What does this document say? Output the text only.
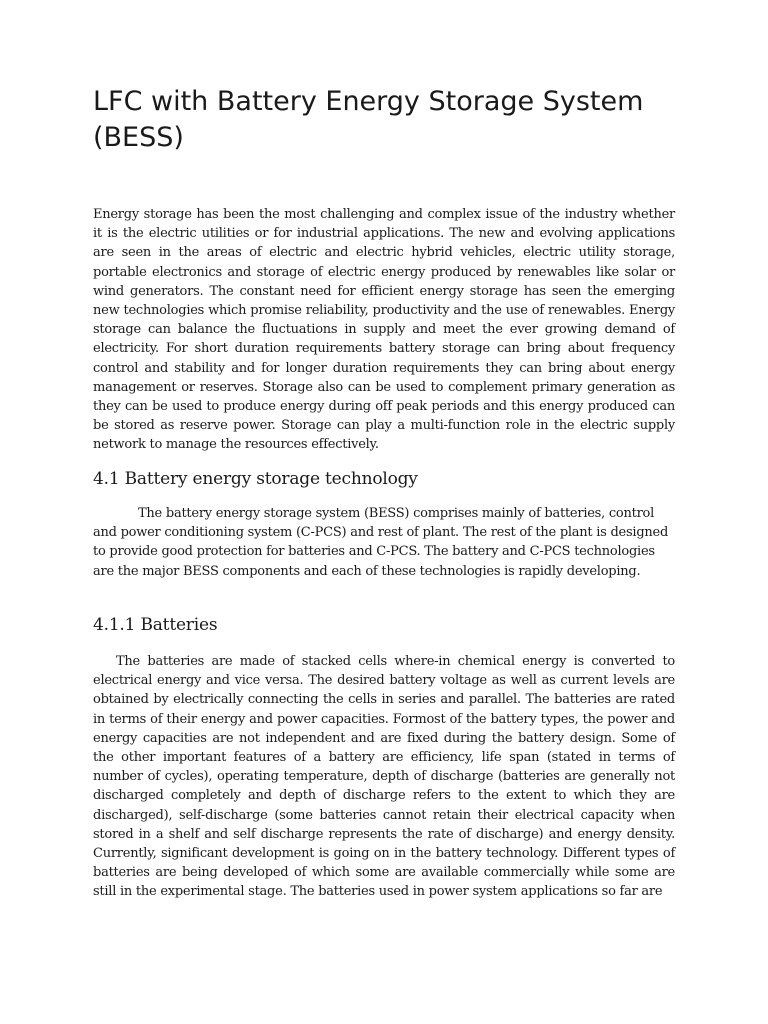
LFC with Battery Energy Storage System (BESS)

Energy storage has been the most challenging and complex issue of the industry whether it is the electric utilities or for industrial applications. The new and evolving applications are seen in the areas of electric and electric hybrid vehicles, electric utility storage, portable electronics and storage of electric energy produced by renewables like solar or wind generators. The constant need for efficient energy storage has seen the emerging new technologies which promise reliability, productivity and the use of renewables. Energy storage can balance the fluctuations in supply and meet the ever growing demand of electricity. For short duration requirements battery storage can bring about frequency control and stability and for longer duration requirements they can bring about energy management or reserves. Storage also can be used to complement primary generation as they can be used to produce energy during off peak periods and this energy produced can be stored as reserve power. Storage can play a multi-function role in the electric supply network to manage the resources effectively.

4.1 Battery energy storage technology

The battery energy storage system (BESS) comprises mainly of batteries, control and power conditioning system (C-PCS) and rest of plant. The rest of the plant is designed to provide good protection for batteries and C-PCS. The battery and C-PCS technologies are the major BESS components and each of these technologies is rapidly developing.

4.1.1 Batteries

The batteries are made of stacked cells where-in chemical energy is converted to electrical energy and vice versa. The desired battery voltage as well as current levels are obtained by electrically connecting the cells in series and parallel. The batteries are rated in terms of their energy and power capacities. Formost of the battery types, the power and energy capacities are not independent and are fixed during the battery design. Some of the other important features of a battery are efficiency, life span (stated in terms of number of cycles), operating temperature, depth of discharge (batteries are generally not discharged completely and depth of discharge refers to the extent to which they are discharged), self-discharge (some batteries cannot retain their electrical capacity when stored in a shelf and self discharge represents the rate of discharge) and energy density. Currently, significant development is going on in the battery technology. Different types of batteries are being developed of which some are available commercially while some are still in the experimental stage. The batteries used in power system applications so far are
